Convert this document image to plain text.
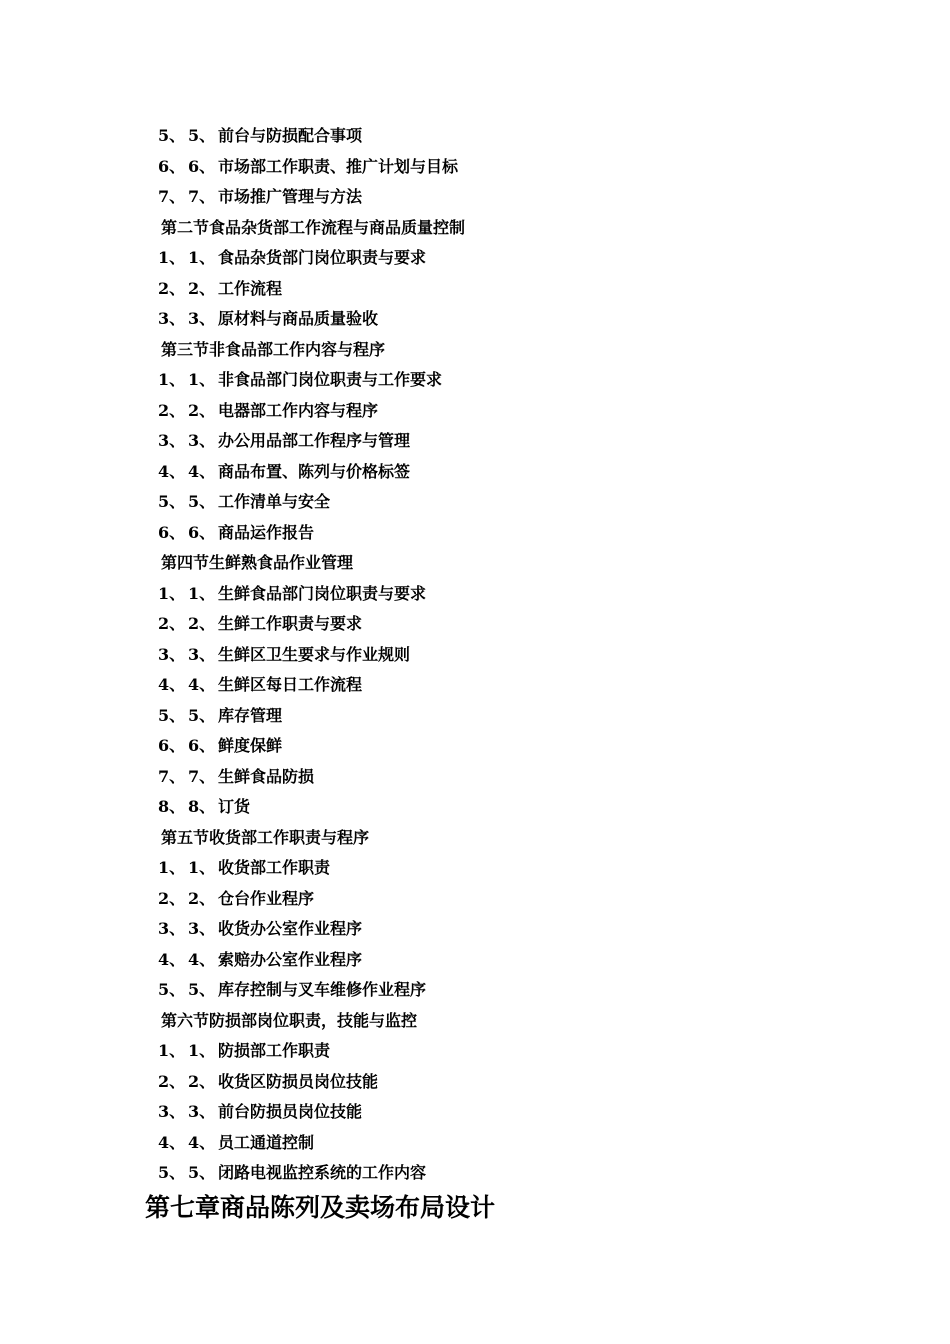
5、 5、 前台与防损配合事项
6、 6、 市场部工作职责、推广计划与目标
7、 7、 市场推广管理与方法
第二节食品杂货部工作流程与商品质量控制
1、 1、 食品杂货部门岗位职责与要求
2、 2、 工作流程
3、 3、 原材料与商品质量验收
第三节非食品部工作内容与程序
1、 1、 非食品部门岗位职责与工作要求
2、 2、 电器部工作内容与程序
3、 3、 办公用品部工作程序与管理
4、 4、 商品布置、陈列与价格标签
5、 5、 工作清单与安全
6、 6、 商品运作报告
第四节生鲜熟食品作业管理
1、 1、 生鲜食品部门岗位职责与要求
2、 2、 生鲜工作职责与要求
3、 3、 生鲜区卫生要求与作业规则
4、 4、 生鲜区每日工作流程
5、 5、 库存管理
6、 6、 鲜度保鲜
7、 7、 生鲜食品防损
8、 8、 订货
第五节收货部工作职责与程序
1、 1、 收货部工作职责
2、 2、 仓台作业程序
3、 3、 收货办公室作业程序
4、 4、 索赔办公室作业程序
5、 5、 库存控制与叉车维修作业程序
第六节防损部岗位职责，技能与监控
1、 1、 防损部工作职责
2、 2、 收货区防损员岗位技能
3、 3、 前台防损员岗位技能
4、 4、 员工通道控制
5、 5、 闭路电视监控系统的工作内容
第七章商品陈列及卖场布局设计
